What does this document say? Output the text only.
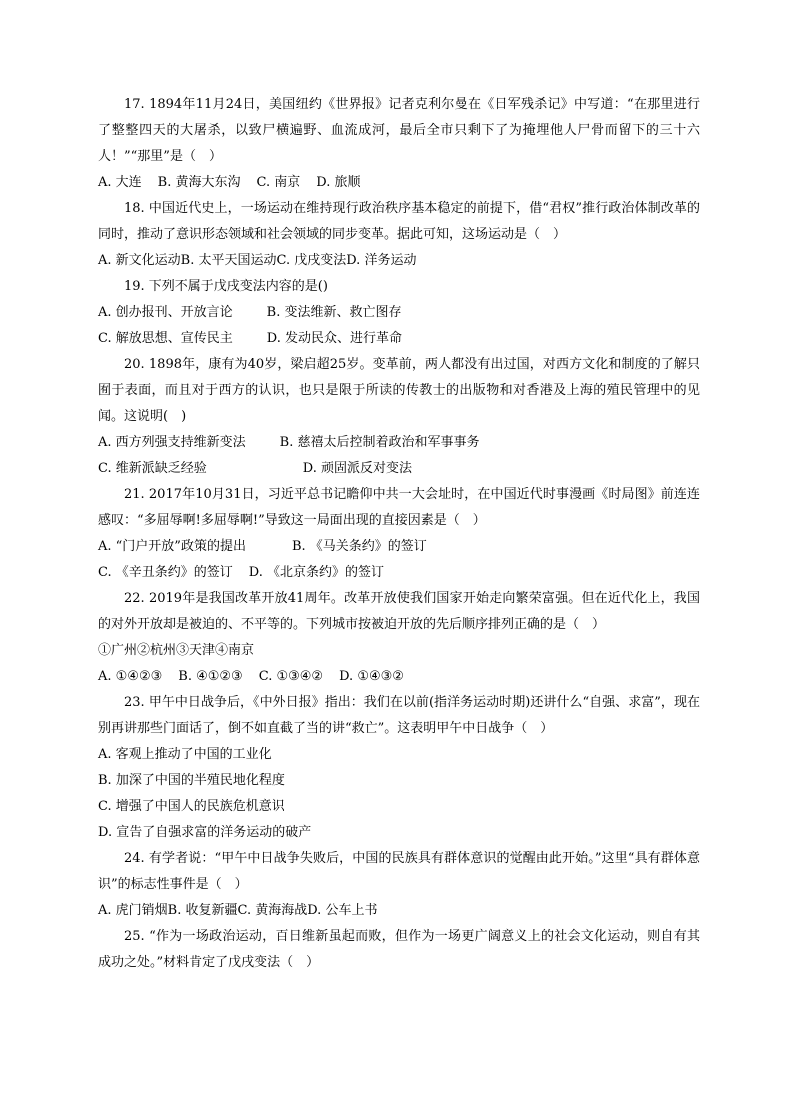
17. 1894年11月24日，美国纽约《世界报》记者克利尔曼在《日军残杀记》中写道：“在那里进行了整整四天的大屠杀，以致尸横遍野、血流成河，最后全市只剩下了为掩埋他人尸骨而留下的三十六人！”“那里”是（　）

A. 大连 B. 黄海大东沟 C. 南京 D. 旅顺

18. 中国近代史上，一场运动在维持现行政治秩序基本稳定的前提下，借“君权”推行政治体制改革的同时，推动了意识形态领域和社会领域的同步变革。据此可知，这场运动是（　）

A. 新文化运动B. 太平天国运动C. 戊戌变法D. 洋务运动

19. 下列不属于戊戌变法内容的是()

A. 创办报刊、开放言论	B. 变法维新、救亡图存

C. 解放思想、宣传民主	D. 发动民众、进行革命

20. 1898年，康有为40岁，梁启超25岁。变革前，两人都没有出过国，对西方文化和制度的了解只囿于表面，而且对于西方的认识，也只是限于所读的传教士的出版物和对香港及上海的殖民管理中的见闻。这说明(　)

A. 西方列强支持维新变法	B. 慈禧太后控制着政治和军事事务

C. 维新派缺乏经验	D. 顽固派反对变法

21. 2017年10月31日，习近平总书记瞻仰中共一大会址时，在中国近代时事漫画《时局图》前连连感叹：“多屈辱啊!多屈辱啊!”导致这一局面出现的直接因素是（　）

A. “门户开放”政策的提出	B. 《马关条约》的签订

C. 《辛丑条约》的签订 D. 《北京条约》的签订

22. 2019年是我国改革开放41周年。改革开放使我们国家开始走向繁荣富强。但在近代化上，我国的对外开放却是被迫的、不平等的。下列城市按被迫开放的先后顺序排列正确的是（　）

①广州②杭州③天津④南京

A. ①④②③ B. ④①②③ C. ①③④② D. ①④③②

23. 甲午中日战争后，《中外日报》指出：我们在以前(指洋务运动时期)还讲什么“自强、求富”，现在别再讲那些门面话了，倒不如直截了当的讲“救亡”。这表明甲午中日战争（　）

A. 客观上推动了中国的工业化

B. 加深了中国的半殖民地化程度

C. 增强了中国人的民族危机意识

D. 宣告了自强求富的洋务运动的破产

24. 有学者说：“甲午中日战争失败后，中国的民族具有群体意识的觉醒由此开始。”这里“具有群体意识”的标志性事件是（　）

A. 虎门销烟B. 收复新疆C. 黄海海战D. 公车上书

25. “作为一场政治运动，百日维新虽起而败，但作为一场更广阔意义上的社会文化运动，则自有其成功之处。”材料肯定了戊戌变法（　）
